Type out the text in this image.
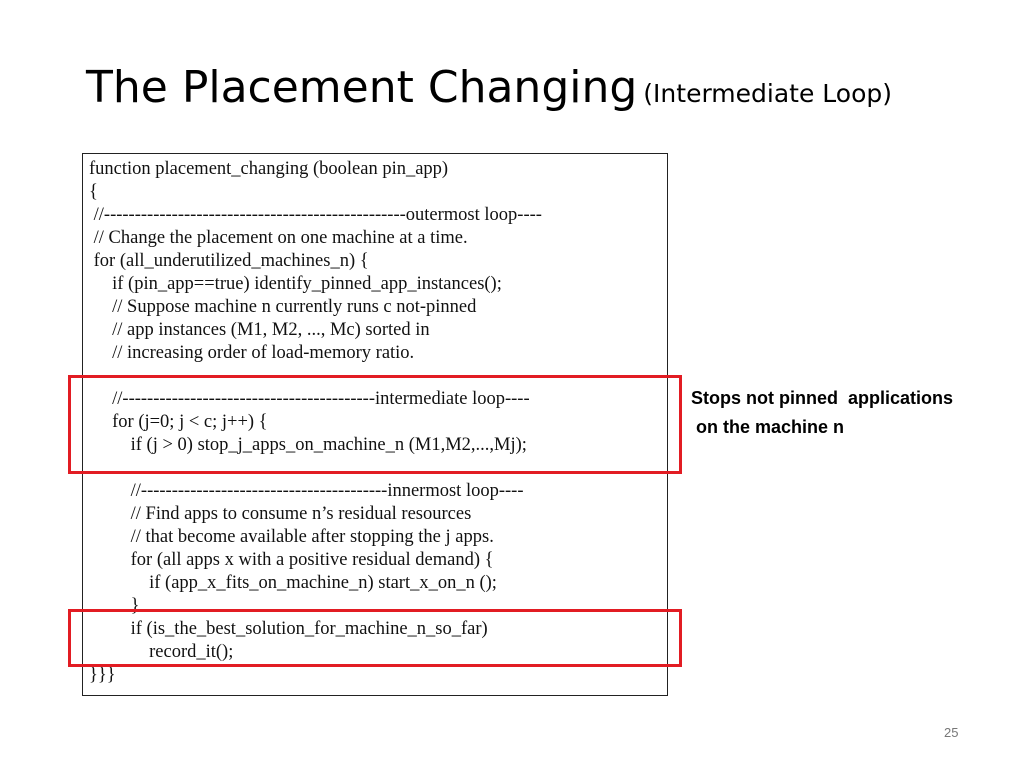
The Placement Changing (Intermediate Loop)
function placement_changing (boolean pin_app)
{
//-------------------------------------------------outermost loop----
// Change the placement on one machine at a time.
for (all_underutilized_machines_n) {
if (pin_app==true) identify_pinned_app_instances();
// Suppose machine n currently runs c not-pinned
// app instances (M1, M2, ..., Mc) sorted in
// increasing order of load-memory ratio.
//-----------------------------------------intermediate loop----
for (j=0; j < c; j++) {
if (j > 0) stop_j_apps_on_machine_n (M1,M2,...,Mj);
//----------------------------------------innermost loop----
// Find apps to consume n’s residual resources
// that become available after stopping the j apps.
for (all apps x with a positive residual demand) {
if (app_x_fits_on_machine_n) start_x_on_n ();
}
if (is_the_best_solution_for_machine_n_so_far)
record_it();
}}}
Stops not pinned  applications
on the machine n
25
